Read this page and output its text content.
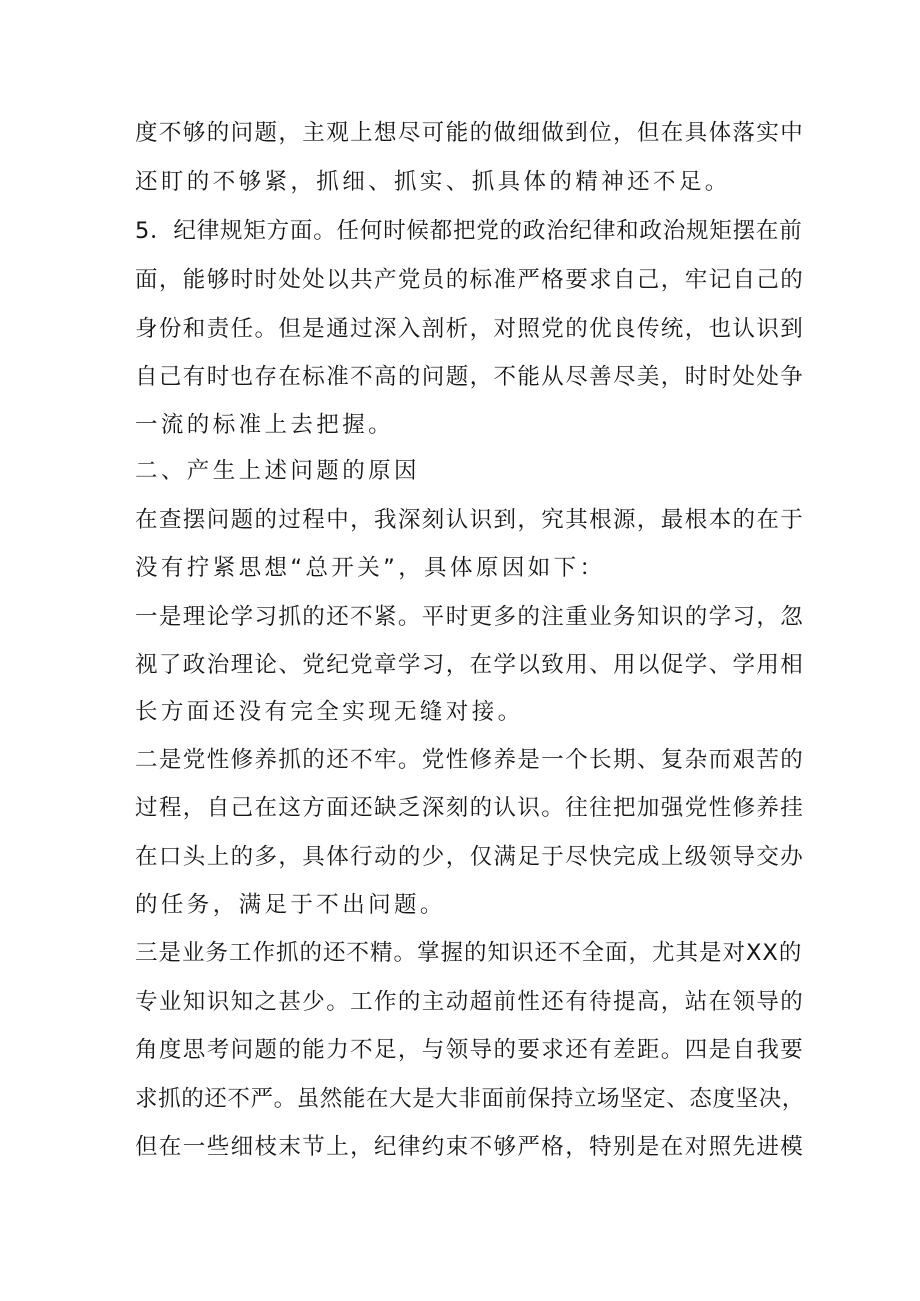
度不够的问题，主观上想尽可能的做细做到位，但在具体落实中
还盯的不够紧，抓细、抓实、抓具体的精神还不足。
5．纪律规矩方面。任何时候都把党的政治纪律和政治规矩摆在前
面，能够时时处处以共产党员的标准严格要求自己，牢记自己的
身份和责任。但是通过深入剖析，对照党的优良传统，也认识到
自己有时也存在标准不高的问题，不能从尽善尽美，时时处处争
一流的标准上去把握。
二、产生上述问题的原因
在查摆问题的过程中，我深刻认识到，究其根源，最根本的在于
没有拧紧思想“总开关”，具体原因如下：
一是理论学习抓的还不紧。平时更多的注重业务知识的学习，忽
视了政治理论、党纪党章学习，在学以致用、用以促学、学用相
长方面还没有完全实现无缝对接。
二是党性修养抓的还不牢。党性修养是一个长期、复杂而艰苦的
过程，自己在这方面还缺乏深刻的认识。往往把加强党性修养挂
在口头上的多，具体行动的少，仅满足于尽快完成上级领导交办
的任务，满足于不出问题。
三是业务工作抓的还不精。掌握的知识还不全面，尤其是对XX的
专业知识知之甚少。工作的主动超前性还有待提高，站在领导的
角度思考问题的能力不足，与领导的要求还有差距。四是自我要
求抓的还不严。虽然能在大是大非面前保持立场坚定、态度坚决，
但在一些细枝末节上，纪律约束不够严格，特别是在对照先进模
